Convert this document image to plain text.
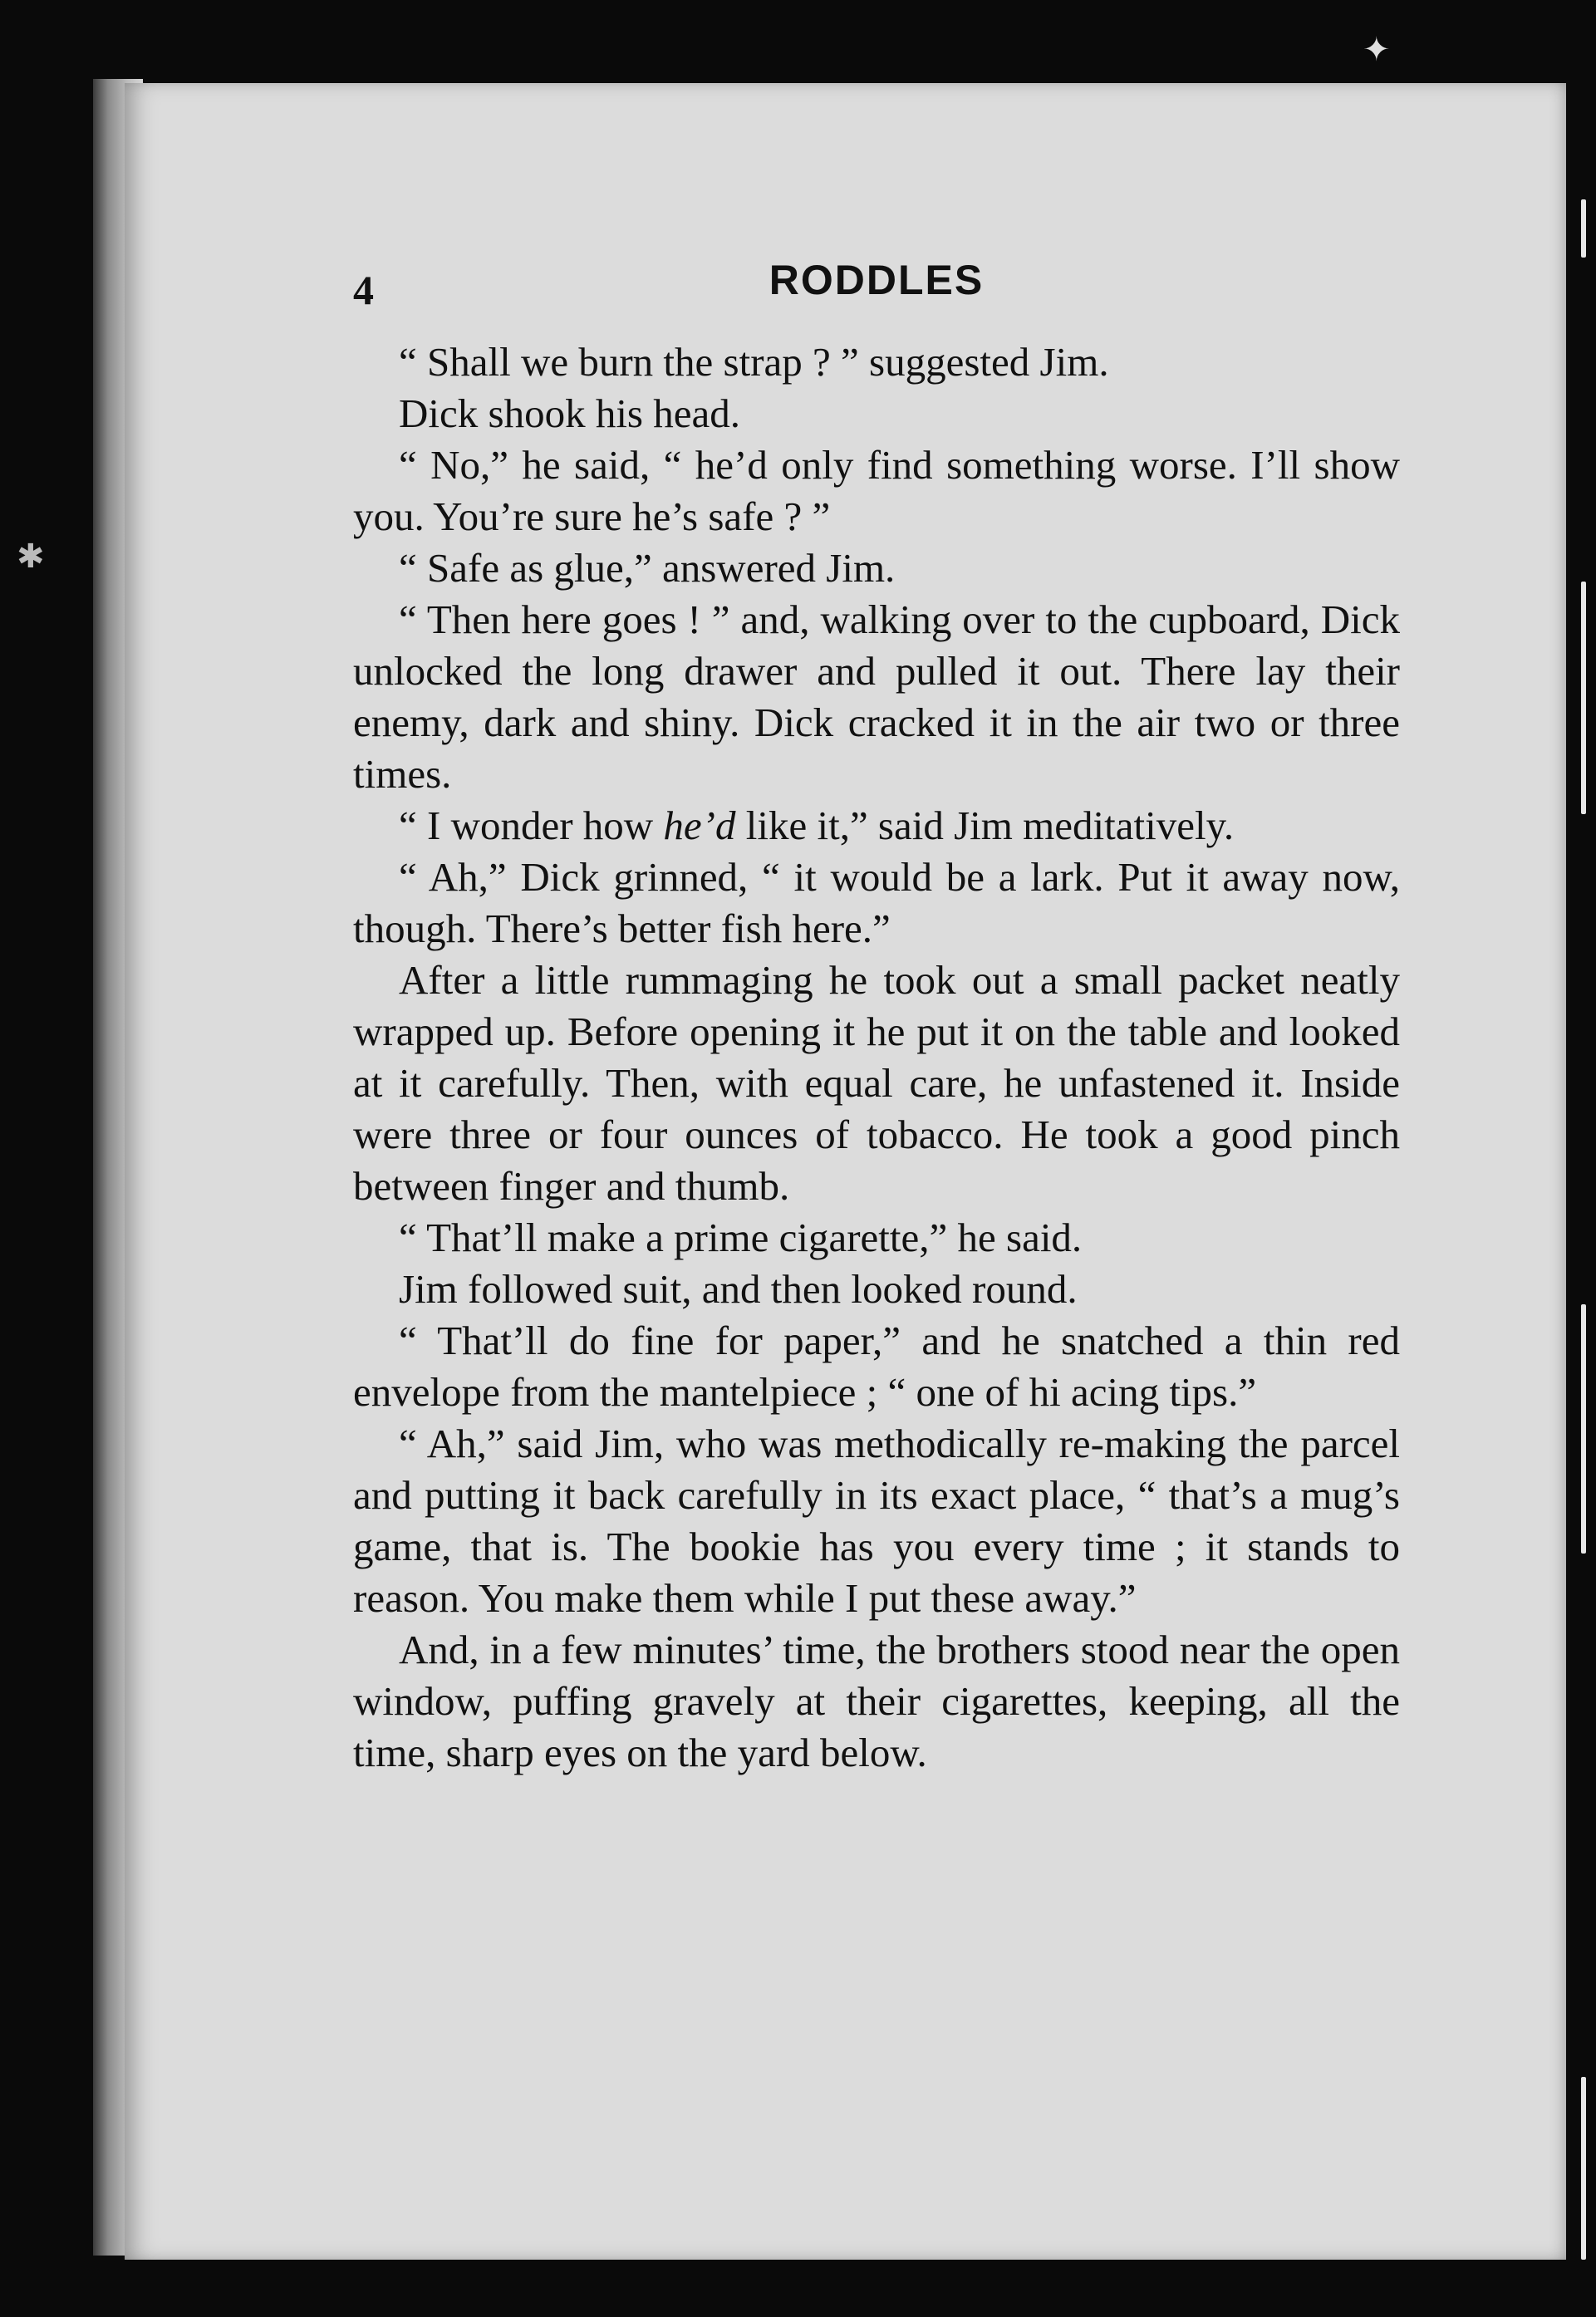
✱
✦
4	RODDLES

“ Shall we burn the strap ? ” suggested Jim.

Dick shook his head.

“ No,” he said, “ he’d only find something worse. I’ll show you. You’re sure he’s safe ? ”

“ Safe as glue,” answered Jim.

“ Then here goes ! ” and, walking over to the cupboard, Dick unlocked the long drawer and pulled it out. There lay their enemy, dark and shiny. Dick cracked it in the air two or three times.

“ I wonder how he’d like it,” said Jim meditatively.

“ Ah,” Dick grinned, “ it would be a lark. Put it away now, though. There’s better fish here.”

After a little rummaging he took out a small packet neatly wrapped up. Before opening it he put it on the table and looked at it carefully. Then, with equal care, he unfastened it. Inside were three or four ounces of tobacco. He took a good pinch between finger and thumb.

“ That’ll make a prime cigarette,” he said.

Jim followed suit, and then looked round.

“ That’ll do fine for paper,” and he snatched a thin red envelope from the mantelpiece ; “ one of hi acing tips.”

“ Ah,” said Jim, who was methodically re-making the parcel and putting it back carefully in its exact place, “ that’s a mug’s game, that is. The bookie has you every time ; it stands to reason. You make them while I put these away.”

And, in a few minutes’ time, the brothers stood near the open window, puffing gravely at their cigarettes, keeping, all the time, sharp eyes on the yard below.
